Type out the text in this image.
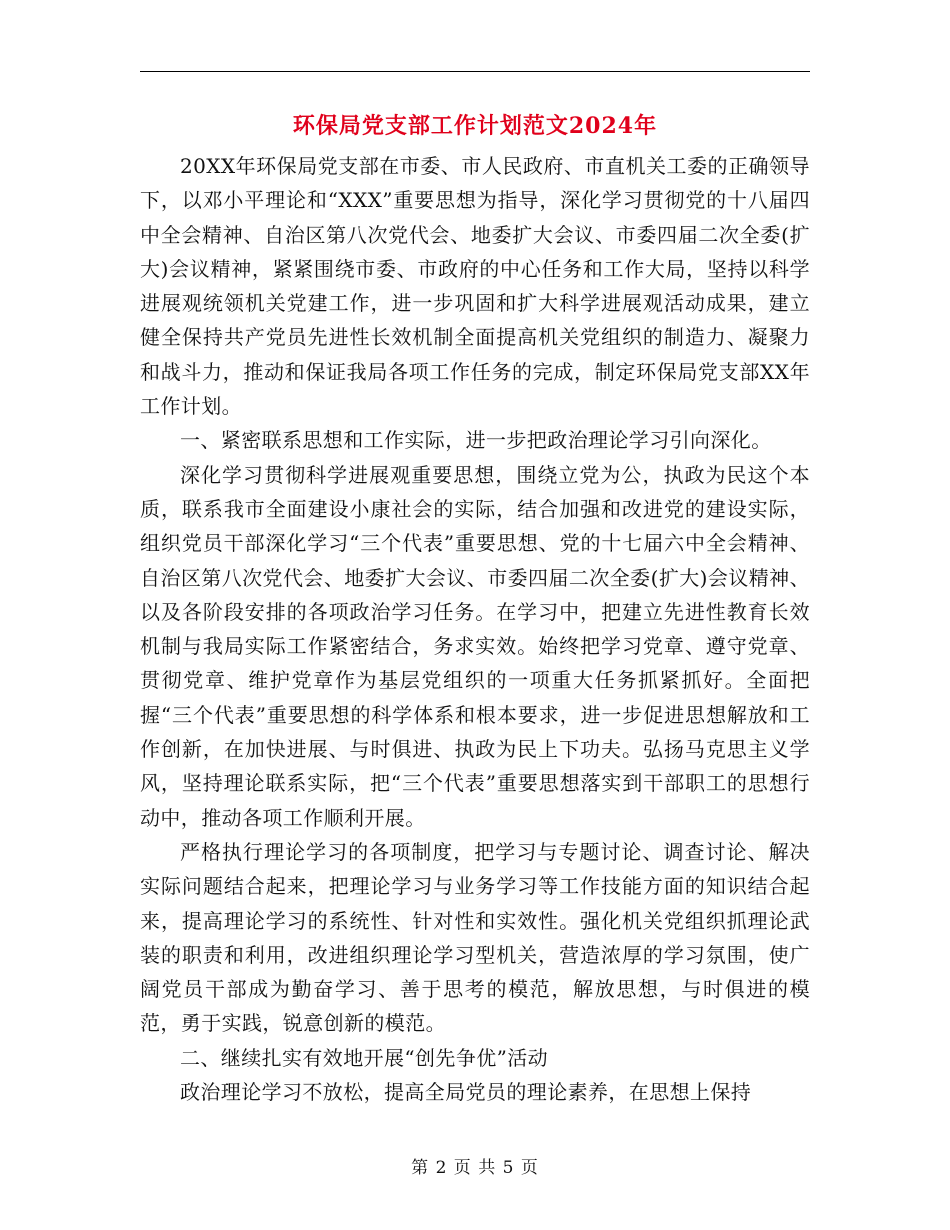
环保局党支部工作计划范文2024年

20XX年环保局党支部在市委、市人民政府、市直机关工委的正确领导下，以邓小平理论和“XXX”重要思想为指导，深化学习贯彻党的十八届四中全会精神、自治区第八次党代会、地委扩大会议、市委四届二次全委(扩大)会议精神，紧紧围绕市委、市政府的中心任务和工作大局，坚持以科学进展观统领机关党建工作，进一步巩固和扩大科学进展观活动成果，建立健全保持共产党员先进性长效机制全面提高机关党组织的制造力、凝聚力和战斗力，推动和保证我局各项工作任务的完成，制定环保局党支部XX年工作计划。

一、紧密联系思想和工作实际，进一步把政治理论学习引向深化。

深化学习贯彻科学进展观重要思想，围绕立党为公，执政为民这个本质，联系我市全面建设小康社会的实际，结合加强和改进党的建设实际，组织党员干部深化学习“三个代表”重要思想、党的十七届六中全会精神、自治区第八次党代会、地委扩大会议、市委四届二次全委(扩大)会议精神、以及各阶段安排的各项政治学习任务。在学习中，把建立先进性教育长效机制与我局实际工作紧密结合，务求实效。始终把学习党章、遵守党章、贯彻党章、维护党章作为基层党组织的一项重大任务抓紧抓好。全面把握“三个代表”重要思想的科学体系和根本要求，进一步促进思想解放和工作创新，在加快进展、与时俱进、执政为民上下功夫。弘扬马克思主义学风，坚持理论联系实际，把“三个代表”重要思想落实到干部职工的思想行动中，推动各项工作顺利开展。

严格执行理论学习的各项制度，把学习与专题讨论、调查讨论、解决实际问题结合起来，把理论学习与业务学习等工作技能方面的知识结合起来，提高理论学习的系统性、针对性和实效性。强化机关党组织抓理论武装的职责和利用，改进组织理论学习型机关，营造浓厚的学习氛围，使广阔党员干部成为勤奋学习、善于思考的模范，解放思想，与时俱进的模范，勇于实践，锐意创新的模范。

二、继续扎实有效地开展“创先争优”活动

政治理论学习不放松，提高全局党员的理论素养，在思想上保持

第 2 页 共 5 页
